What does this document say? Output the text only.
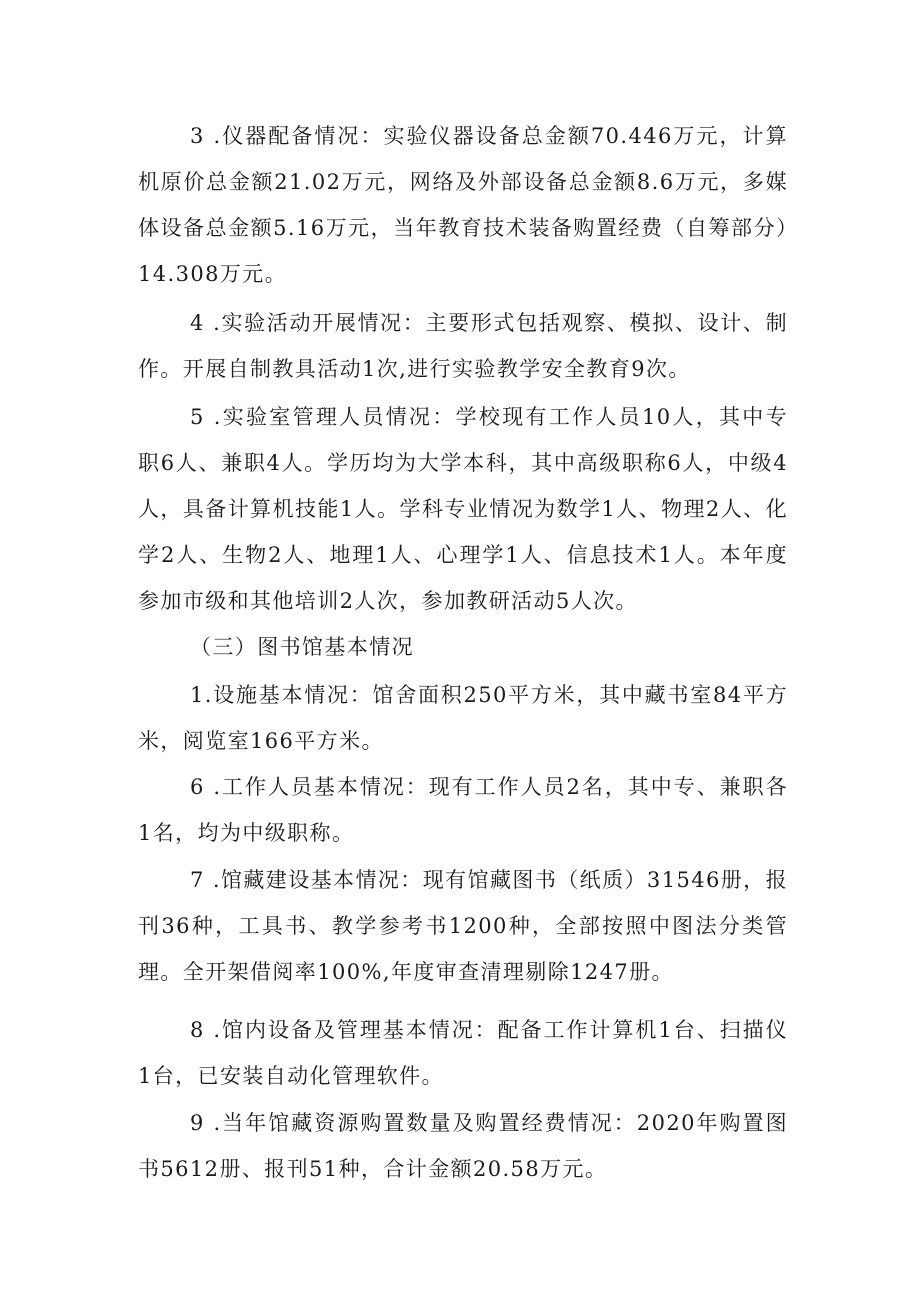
3 .仪器配备情况：实验仪器设备总金额70.446万元，计算机原价总金额21.02万元，网络及外部设备总金额8.6万元，多媒体设备总金额5.16万元，当年教育技术装备购置经费（自筹部分）14.308万元。

4 .实验活动开展情况：主要形式包括观察、模拟、设计、制作。开展自制教具活动1次,进行实验教学安全教育9次。

5 .实验室管理人员情况：学校现有工作人员10人，其中专职6人、兼职4人。学历均为大学本科，其中高级职称6人，中级4人，具备计算机技能1人。学科专业情况为数学1人、物理2人、化学2人、生物2人、地理1人、心理学1人、信息技术1人。本年度参加市级和其他培训2人次，参加教研活动5人次。

（三）图书馆基本情况

1.设施基本情况：馆舍面积250平方米，其中藏书室84平方米，阅览室166平方米。

6 .工作人员基本情况：现有工作人员2名，其中专、兼职各1名，均为中级职称。

7 .馆藏建设基本情况：现有馆藏图书（纸质）31546册，报刊36种，工具书、教学参考书1200种，全部按照中图法分类管理。全开架借阅率100%,年度审查清理剔除1247册。

8 .馆内设备及管理基本情况：配备工作计算机1台、扫描仪1台，已安装自动化管理软件。

9 .当年馆藏资源购置数量及购置经费情况：2020年购置图书5612册、报刊51种，合计金额20.58万元。
